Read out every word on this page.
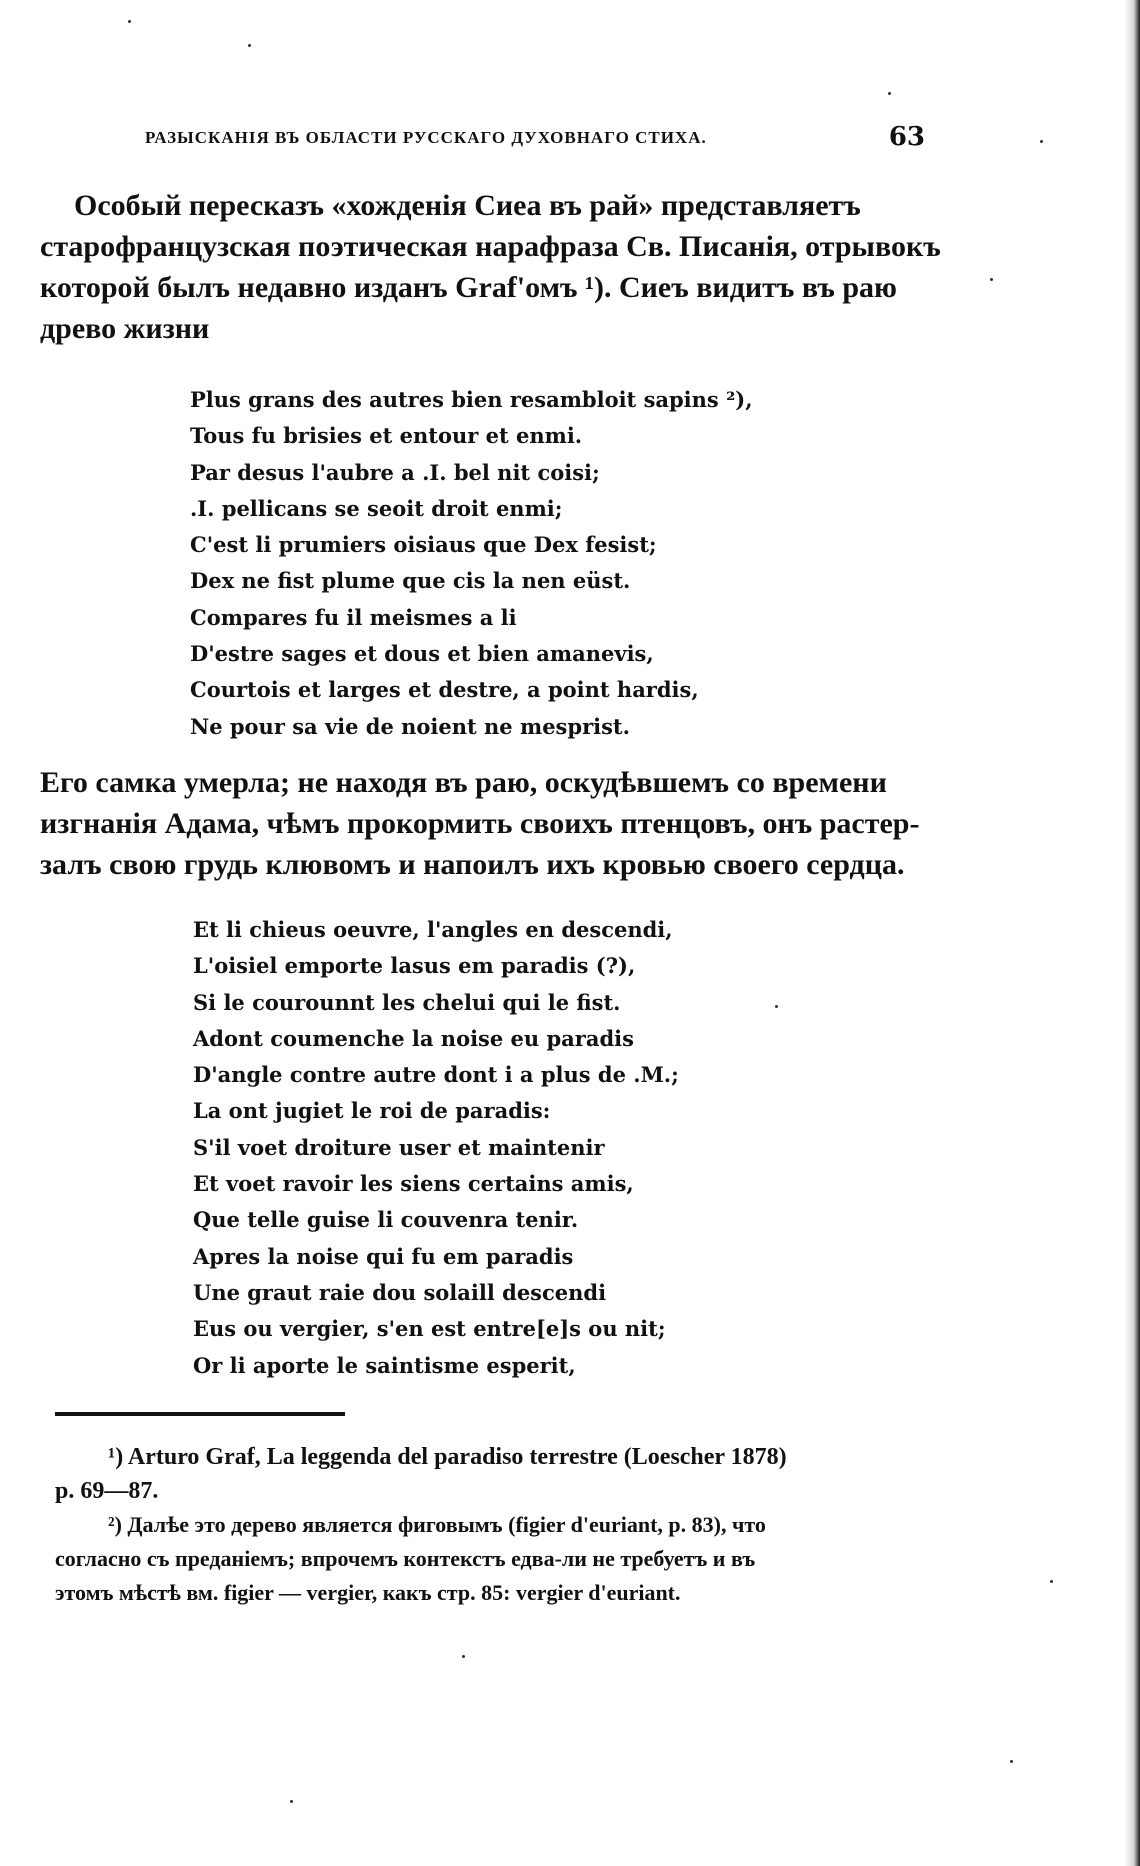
РАЗЫСКАНІЯ ВЪ ОБЛАСТИ РУССКАГО ДУХОВНАГО СТИХА.	63
Особый пересказъ «хожденія Сиеа въ рай» представляетъ
старофранцузская поэтическая нарафраза Св. Писанія, отрывокъ
которой былъ недавно изданъ Graf'омъ ¹). Сиеъ видитъ въ раю
древо жизни
Plus grans des autres bien resambloit sapins ²),
Tous fu brisies et entour et enmi.
Par desus l'aubre a .I. bel nit coisi;
.I. pellicans se seoit droit enmi;
C'est li prumiers oisiaus que Dex fesist;
Dex ne fist plume que cis la nen eüst.
Compares fu il meismes a li
D'estre sages et dous et bien amanevis,
Courtois et larges et destre, a point hardis,
Ne pour sa vie de noient ne mesprist.
Его самка умерла; не находя въ раю, оскудѣвшемъ со времени
изгнанія Адама, чѣмъ прокормить своихъ птенцовъ, онъ растер-
залъ свою грудь клювомъ и напоилъ ихъ кровью своего сердца.
Et li chieus oeuvre, l'angles en descendi,
L'oisiel emporte lasus em paradis (?),
Si le courounnt les chelui qui le fist.
Adont coumenche la noise eu paradis
D'angle contre autre dont i a plus de .M.;
La ont jugiet le roi de paradis:
S'il voet droiture user et maintenir
Et voet ravoir les siens certains amis,
Que telle guise li couvenra tenir.
Apres la noise qui fu em paradis
Une graut raie dou solaill descendi
Eus ou vergier, s'en est entre[e]s ou nit;
Or li aporte le saintisme esperit,
¹) Arturo Graf, La leggenda del paradiso terrestre (Loescher 1878)
p. 69—87.
²) Далѣе это дерево является фиговымъ (figier d'euriant, p. 83), что
согласно съ преданіемъ; впрочемъ контекстъ едва-ли не требуетъ и въ
этомъ мѣстѣ вм. figier — vergier, какъ стр. 85: vergier d'euriant.
